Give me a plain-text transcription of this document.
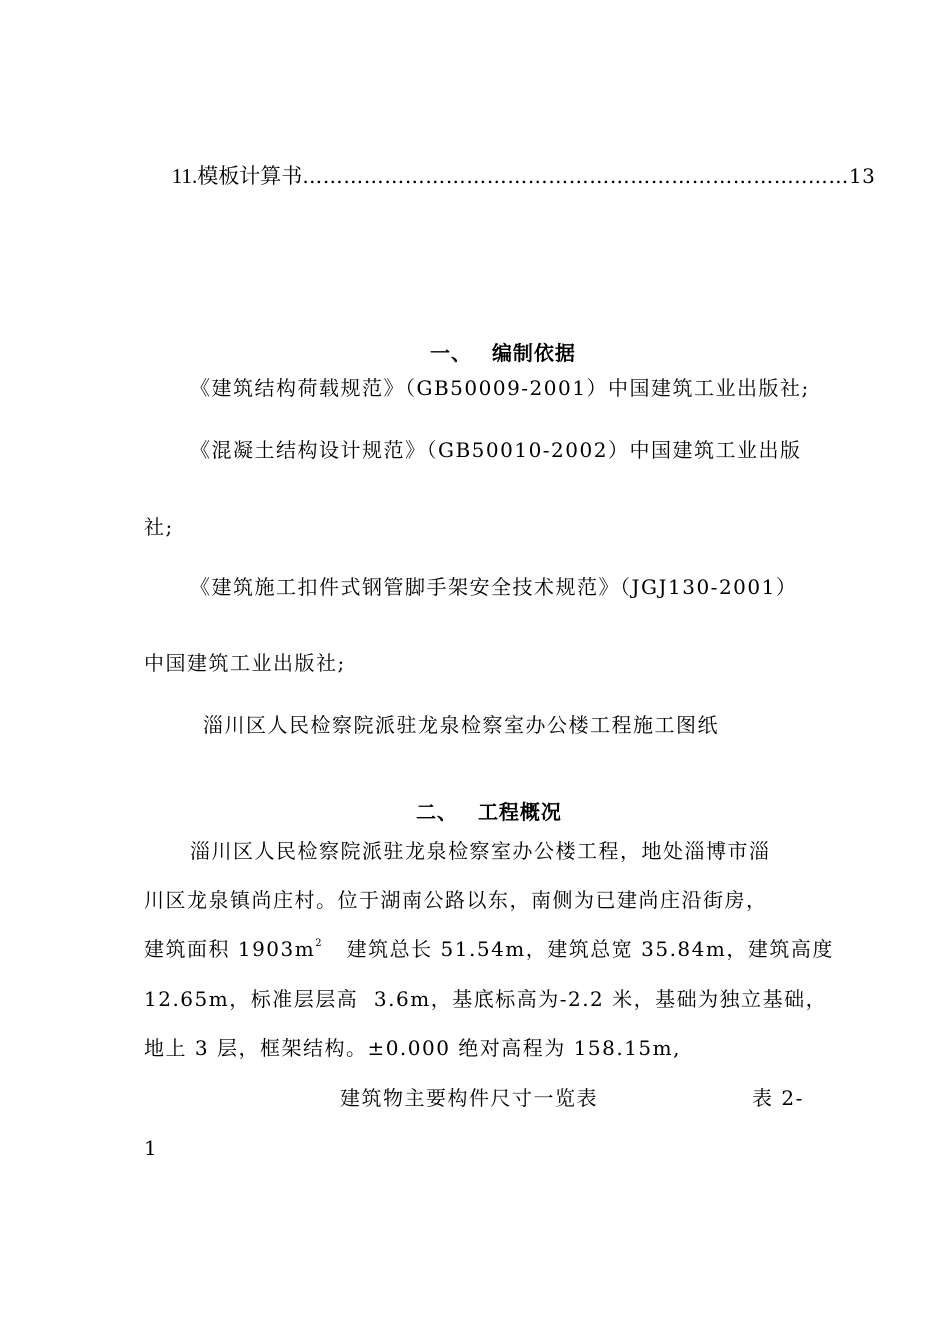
11.模板计算书………………………………………………………………..……13

一、 编制依据

《建筑结构荷载规范》（GB50009-2001）中国建筑工业出版社;
《混凝土结构设计规范》（GB50010-2002）中国建筑工业出版
社;
《建筑施工扣件式钢管脚手架安全技术规范》（JGJ130-2001）
中国建筑工业出版社;
淄川区人民检察院派驻龙泉检察室办公楼工程施工图纸

二、 工程概况

淄川区人民检察院派驻龙泉检察室办公楼工程，地处淄博市淄
川区龙泉镇尚庄村。位于湖南公路以东，南侧为已建尚庄沿街房，
建筑面积 $1903m^2$   建筑总长 51.54m，建筑总宽 35.84m，建筑高度
12.65m，标准层层高  3.6m，基底标高为-2.2 米，基础为独立基础，
地上 3 层，框架结构。±0.000 绝对高程为 158.15m,
建筑物主要构件尺寸一览表	表 2-
1
